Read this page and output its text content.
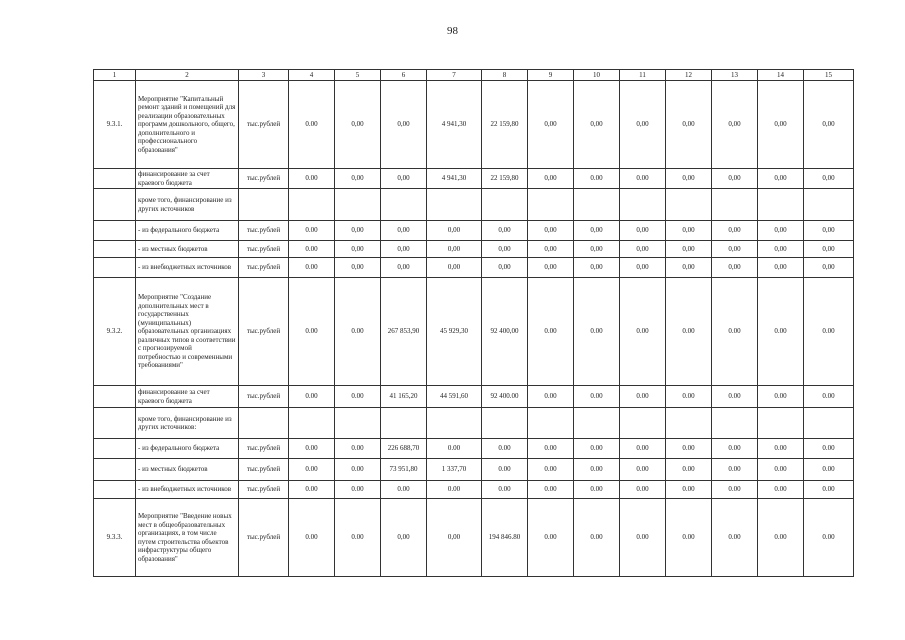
98
1	2	3	4	5	6	7	8	9	10	11	12	13	14	15
9.3.1.	Мероприятие "Капитальный ремонт зданий и помещений для реализации образовательных программ дошкольного, общего, дополнительного и профессионального образования"	тыс.рублей	0.00	0,00	0,00	4 941,30	22 159,80	0,00	0,00	0,00	0,00	0,00	0,00	0,00
	финансирование за счет краевого бюджета	тыс.рублей	0.00	0,00	0,00	4 941,30	22 159,80	0,00	0.00	0.00	0,00	0,00	0,00	0,00
	кроме того, финансирование из других источников													
	- из федерального бюджета	тыс.рублей	0.00	0,00	0,00	0,00	0,00	0,00	0,00	0,00	0,00	0,00	0,00	0,00
	- из местных бюджетов	тыс.рублей	0.00	0,00	0,00	0,00	0,00	0,00	0,00	0,00	0,00	0,00	0,00	0,00
	- из внебюджетных источников	тыс.рублей	0.00	0,00	0,00	0,00	0,00	0,00	0,00	0,00	0,00	0,00	0,00	0,00
9.3.2.	Мероприятие "Создание дополнительных мест в государственных (муниципальных) образовательных организациях различных типов в соответствии с прогнозируемой потребностью и современными требованиями"	тыс.рублей	0.00	0.00	267 853,90	45 929,30	92 400,00	0.00	0.00	0.00	0.00	0.00	0.00	0.00
	финансирование за счет краевого бюджета	тыс.рублей	0.00	0.00	41 165,20	44 591,60	92 400.00	0.00	0.00	0.00	0.00	0.00	0.00	0.00
	кроме того, финансирование из других источников:													
	- из федерального бюджета	тыс.рублей	0.00	0.00	226 688,70	0.00	0.00	0.00	0.00	0.00	0.00	0.00	0.00	0.00
	- из местных бюджетов	тыс.рублей	0.00	0.00	73 951,80	1 337,70	0.00	0.00	0.00	0.00	0.00	0.00	0.00	0.00
	- из внебюджетных источников	тыс.рублей	0.00	0.00	0.00	0.00	0.00	0.00	0.00	0.00	0.00	0.00	0.00	0.00
9.3.3.	Мероприятие "Введение новых мест в общеобразовательных организациях, в том числе путем строительства объектов инфраструктуры общего образования"	тыс.рублей	0.00	0.00	0,00	0,00	194 846.80	0.00	0.00	0.00	0.00	0.00	0.00	0.00
